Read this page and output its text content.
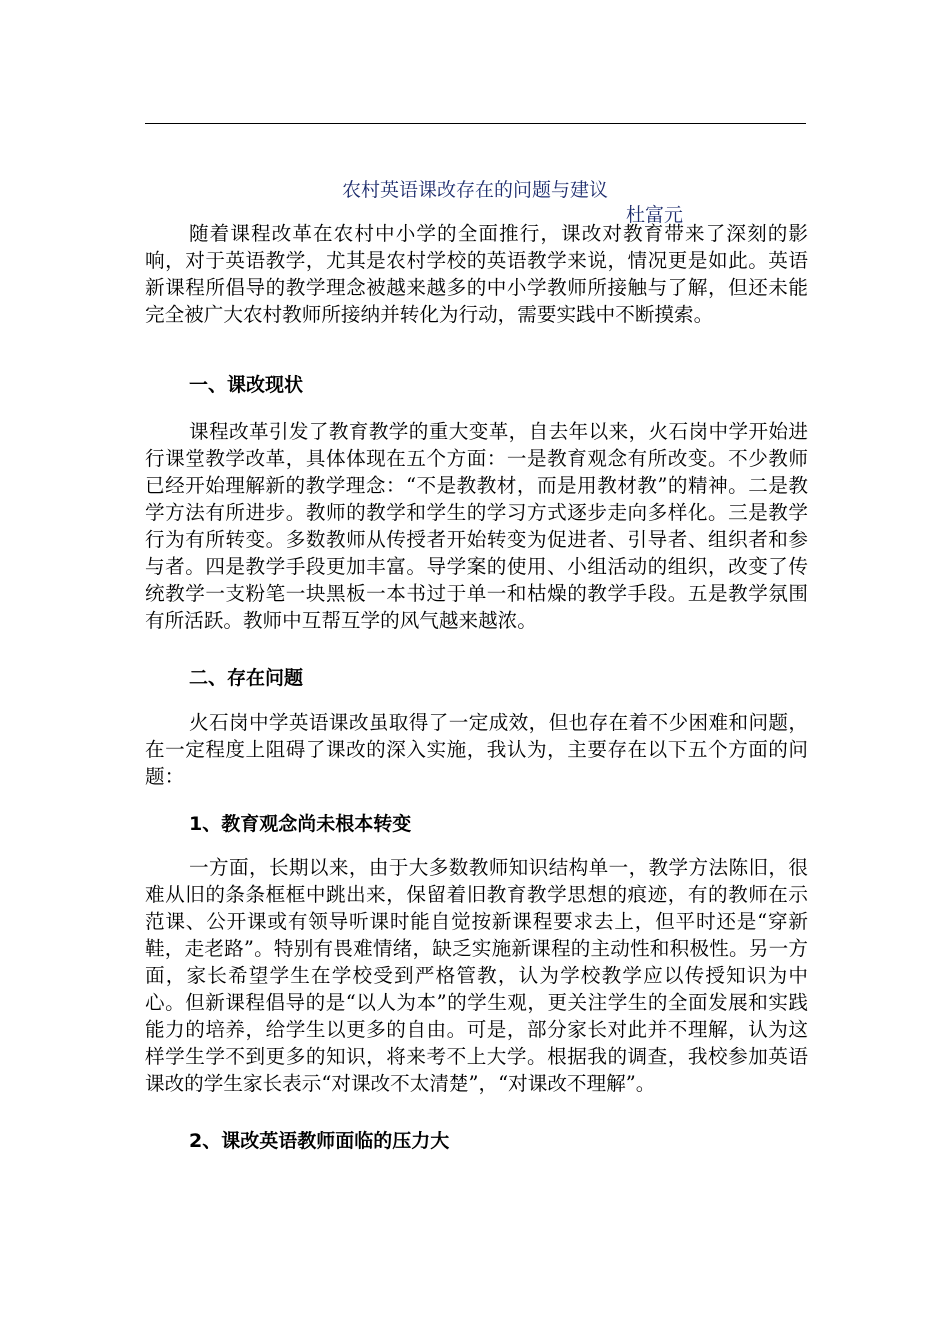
农村英语课改存在的问题与建议
杜富元

随着课程改革在农村中小学的全面推行，课改对教育带来了深刻的影响，对于英语教学，尤其是农村学校的英语教学来说，情况更是如此。英语新课程所倡导的教学理念被越来越多的中小学教师所接触与了解，但还未能完全被广大农村教师所接纳并转化为行动，需要实践中不断摸索。

一、课改现状

课程改革引发了教育教学的重大变革，自去年以来，火石岗中学开始进行课堂教学改革，具体体现在五个方面：一是教育观念有所改变。不少教师已经开始理解新的教学理念：“不是教教材，而是用教材教”的精神。二是教学方法有所进步。教师的教学和学生的学习方式逐步走向多样化。三是教学行为有所转变。多数教师从传授者开始转变为促进者、引导者、组织者和参与者。四是教学手段更加丰富。导学案的使用、小组活动的组织，改变了传统教学一支粉笔一块黑板一本书过于单一和枯燥的教学手段。五是教学氛围有所活跃。教师中互帮互学的风气越来越浓。

二、存在问题

火石岗中学英语课改虽取得了一定成效，但也存在着不少困难和问题，在一定程度上阻碍了课改的深入实施，我认为，主要存在以下五个方面的问题：

1、教育观念尚未根本转变

一方面，长期以来，由于大多数教师知识结构单一，教学方法陈旧，很难从旧的条条框框中跳出来，保留着旧教育教学思想的痕迹，有的教师在示范课、公开课或有领导听课时能自觉按新课程要求去上，但平时还是“穿新鞋，走老路”。特别有畏难情绪，缺乏实施新课程的主动性和积极性。另一方面，家长希望学生在学校受到严格管教，认为学校教学应以传授知识为中心。但新课程倡导的是“以人为本”的学生观，更关注学生的全面发展和实践能力的培养，给学生以更多的自由。可是，部分家长对此并不理解，认为这样学生学不到更多的知识，将来考不上大学。根据我的调查，我校参加英语课改的学生家长表示“对课改不太清楚”，“对课改不理解”。

2、课改英语教师面临的压力大
